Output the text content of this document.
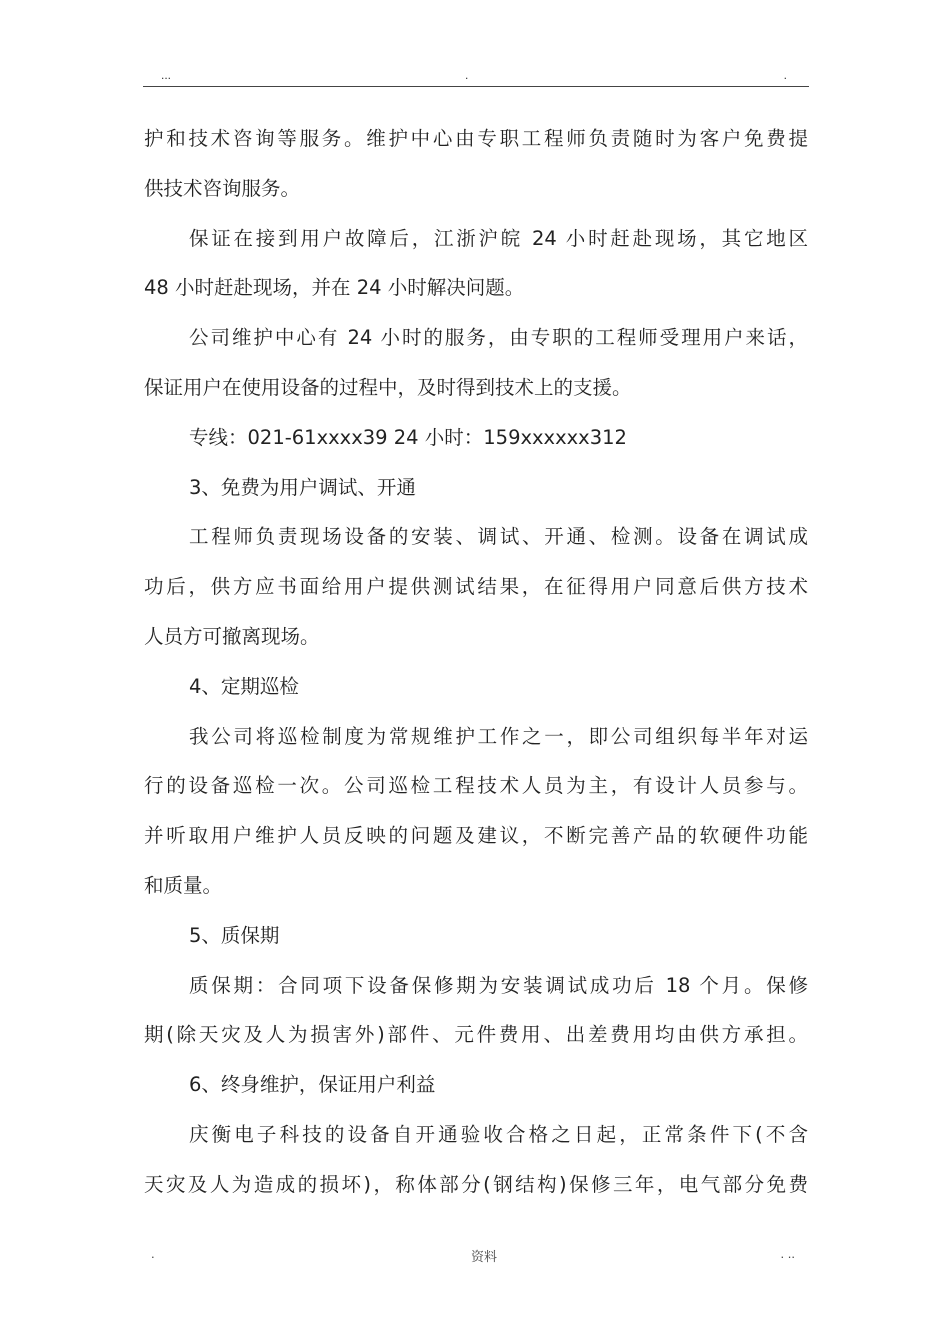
...	.	.
护和技术咨询等服务。维护中心由专职工程师负责随时为客户免费提
供技术咨询服务。
保证在接到用户故障后，江浙沪皖 24 小时赶赴现场，其它地区
48 小时赶赴现场，并在 24 小时解决问题。
公司维护中心有 24 小时的服务，由专职的工程师受理用户来话，
保证用户在使用设备的过程中，及时得到技术上的支援。
专线：021-61xxxx39 24 小时：159xxxxxx312
3、免费为用户调试、开通
工程师负责现场设备的安装、调试、开通、检测。设备在调试成
功后，供方应书面给用户提供测试结果，在征得用户同意后供方技术
人员方可撤离现场。
4、定期巡检
我公司将巡检制度为常规维护工作之一，即公司组织每半年对运
行的设备巡检一次。公司巡检工程技术人员为主，有设计人员参与。
并听取用户维护人员反映的问题及建议，不断完善产品的软硬件功能
和质量。
5、质保期
质保期：合同项下设备保修期为安装调试成功后 18 个月。保修
期(除天灾及人为损害外)部件、元件费用、出差费用均由供方承担。
6、终身维护，保证用户利益
庆衡电子科技的设备自开通验收合格之日起，正常条件下(不含
天灾及人为造成的损坏)，称体部分(钢结构)保修三年，电气部分免费
.	资料	. ..
